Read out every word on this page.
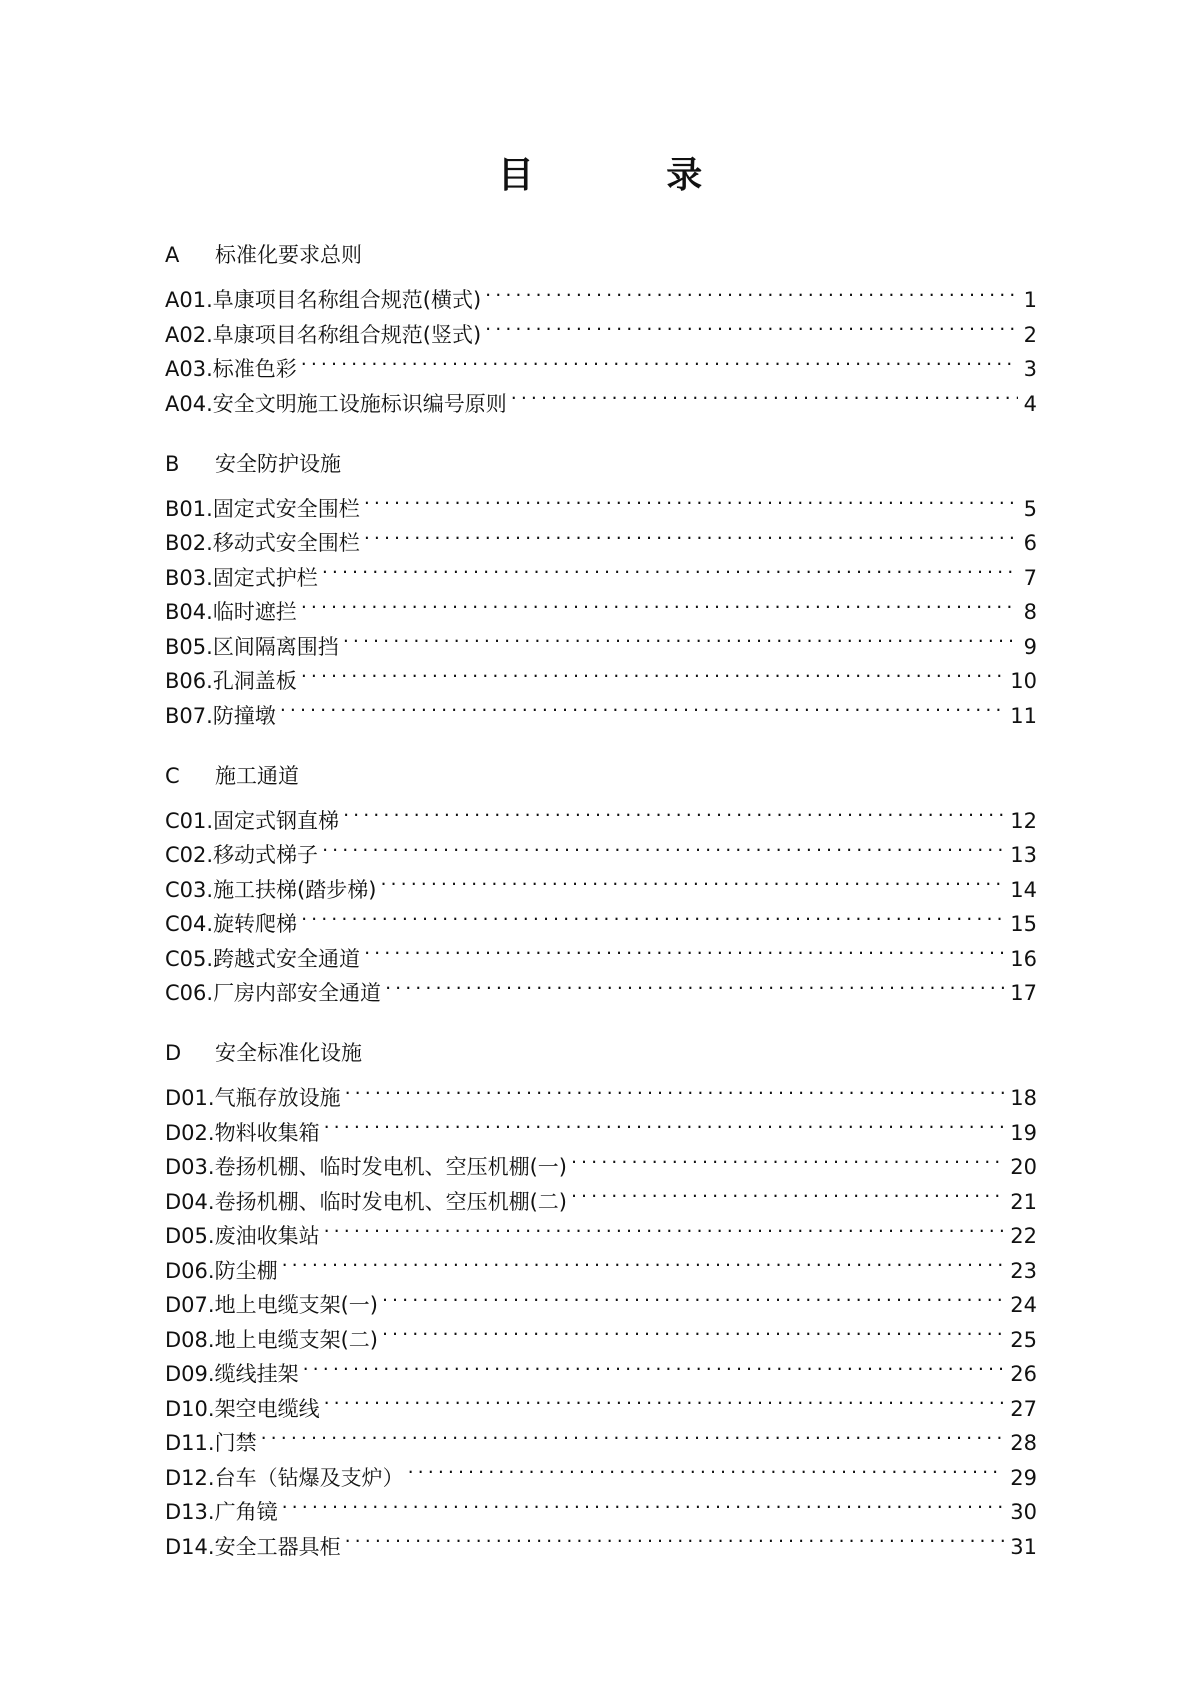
目 录
A	标准化要求总则
A01. 阜康项目名称组合规范(横式) . . .	1
A02. 阜康项目名称组合规范(竖式) . . .	2
A03. 标准色彩 . . .	3
A04. 安全文明施工设施标识编号原则 . . .	4
B	安全防护设施
B01. 固定式安全围栏 . . .	5
B02. 移动式安全围栏 . . .	6
B03. 固定式护栏 . . .	7
B04. 临时遮拦 . . .	8
B05. 区间隔离围挡 . . .	9
B06. 孔洞盖板 . . .	10
B07. 防撞墩 . . .	11
C	施工通道
C01. 固定式钢直梯 . . .	12
C02. 移动式梯子 . . .	13
C03. 施工扶梯(踏步梯) . . .	14
C04. 旋转爬梯 . . .	15
C05. 跨越式安全通道 . . .	16
C06. 厂房内部安全通道 . . .	17
D	安全标准化设施
D01. 气瓶存放设施 . . .	18
D02. 物料收集箱 . . .	19
D03. 卷扬机棚、临时发电机、空压机棚(一) . . .	20
D04. 卷扬机棚、临时发电机、空压机棚(二) . . .	21
D05. 废油收集站 . . .	22
D06. 防尘棚 . . .	23
D07. 地上电缆支架(一) . . .	24
D08. 地上电缆支架(二) . . .	25
D09. 缆线挂架 . . .	26
D10. 架空电缆线 . . .	27
D11. 门禁 . . .	28
D12. 台车（钻爆及支炉） . . .	29
D13. 广角镜 . . .	30
D14. 安全工器具柜 . . .	31
